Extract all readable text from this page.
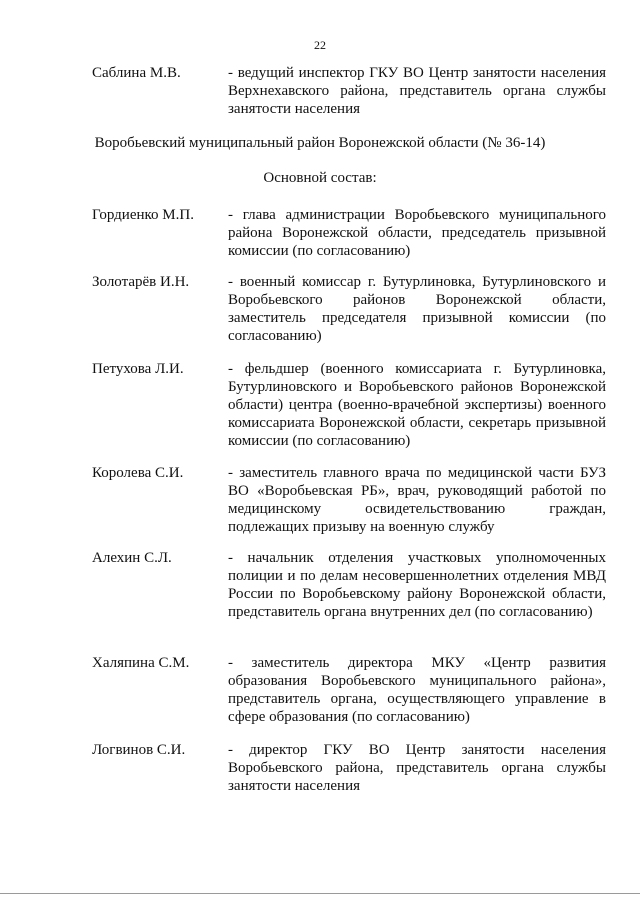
22
Саблина М.В.	- ведущий инспектор ГКУ ВО Центр занятости населения Верхнехавского района, представитель органа службы занятости населения
Воробьевский муниципальный район Воронежской области (№ 36-14)
Основной состав:
Гордиенко М.П. - глава администрации Воробьевского муниципального района Воронежской области, председатель призывной комиссии (по согласованию)
Золотарёв И.Н.	- военный комиссар г. Бутурлиновка, Бутурлиновского и Воробьевского районов Воронежской области, заместитель председателя призывной комиссии (по согласованию)
Петухова Л.И.	- фельдшер (военного комиссариата г. Бутурлиновка, Бутурлиновского и Воробьевского районов Воронежской области) центра (военно-врачебной экспертизы) военного комиссариата Воронежской области, секретарь призывной комиссии (по согласованию)
Королева С.И.	- заместитель главного врача по медицинской части БУЗ ВО «Воробьевская РБ», врач, руководящий работой по медицинскому освидетельствованию граждан, подлежащих призыву на военную службу
Алехин С.Л.	- начальник отделения участковых уполномоченных полиции и по делам несовершеннолетних отделения МВД России по Воробьевскому району Воронежской области, представитель органа внутренних дел (по согласованию)
Халяпина С.М.	- заместитель директора МКУ «Центр развития образования Воробьевского муниципального района», представитель органа, осуществляющего управление в сфере образования (по согласованию)
Логвинов С.И.	- директор ГКУ ВО Центр занятости населения Воробьевского района, представитель органа службы занятости населения
